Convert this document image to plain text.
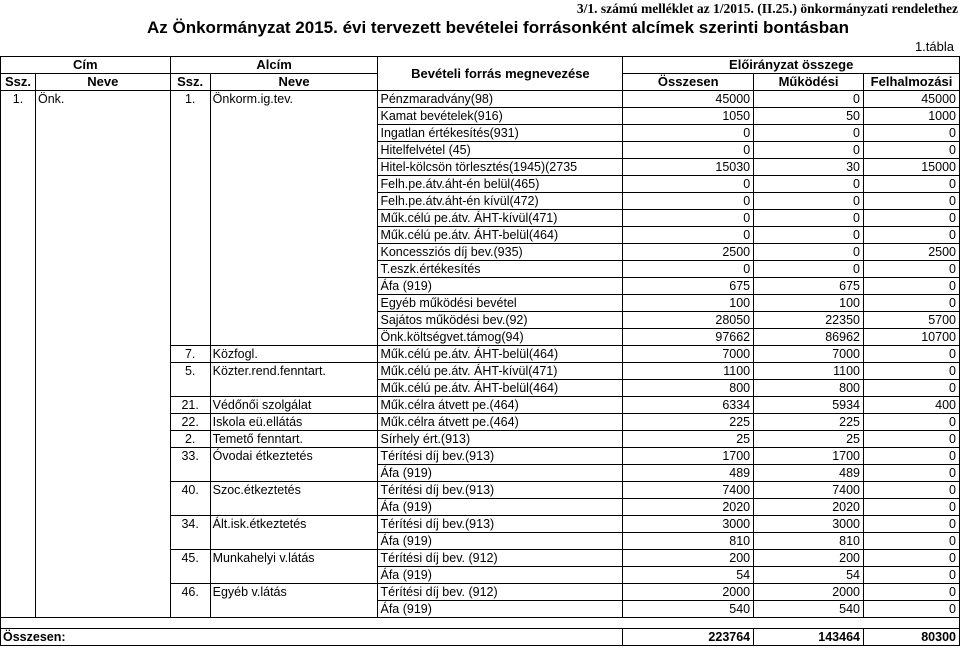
3/1. számú melléklet az 1/2015. (II.25.) önkormányzati rendelethez
Az Önkormányzat 2015. évi tervezett bevételei forrásonként alcímek szerinti bontásban
1.tábla
Cím		Alcím		Bevételi forrás megnevezése	Előirányzat összege		
Ssz.	Neve	Ssz.	Neve		Összesen	Működési	Felhalmozási
1.	Önk.	1.	Önkorm.ig.tev.	Pénzmaradvány(98)	45000	0	45000
				Kamat bevételek(916)	1050	50	1000
				Ingatlan értékesítés(931)	0	0	0
				Hitelfelvétel (45)	0	0	0
				Hitel-kölcsön törlesztés(1945)(2735	15030	30	15000
				Felh.pe.átv.áht-én belül(465)	0	0	0
				Felh.pe.átv.áht-én kívül(472)	0	0	0
				Műk.célú pe.átv. ÁHT-kívül(471)	0	0	0
				Műk.célú pe.átv. ÁHT-belül(464)	0	0	0
				Koncessziós díj bev.(935)	2500	0	2500
				T.eszk.értékesítés	0	0	0
				Áfa (919)	675	675	0
				Egyéb működési bevétel	100	100	0
				Sajátos működési bev.(92)	28050	22350	5700
				Önk.költségvet.támog(94)	97662	86962	10700
		7.	Közfogl.	Műk.célú pe.átv. ÁHT-belül(464)	7000	7000	0
		5.	Közter.rend.fenntart.	Műk.célú pe.átv. ÁHT-kívül(471)	1100	1100	0
				Műk.célú pe.átv. ÁHT-belül(464)	800	800	0
		21.	Védőnői szolgálat	Műk.célra átvett pe.(464)	6334	5934	400
		22.	Iskola eü.ellátás	Műk.célra átvett pe.(464)	225	225	0
		2.	Temető fenntart.	Sírhely ért.(913)	25	25	0
		33.	Óvodai étkeztetés	Térítési díj bev.(913)	1700	1700	0
				Áfa (919)	489	489	0
		40.	Szoc.étkeztetés	Térítési díj bev.(913)	7400	7400	0
				Áfa (919)	2020	2020	0
		34.	Ált.isk.étkeztetés	Térítési díj bev.(913)	3000	3000	0
				Áfa (919)	810	810	0
		45.	Munkahelyi v.látás	Térítési díj bev. (912)	200	200	0
				Áfa (919)	54	54	0
		46.	Egyéb v.látás	Térítési díj bev. (912)	2000	2000	0
				Áfa (919)	540	540	0

Összesen:					223764	143464	80300
